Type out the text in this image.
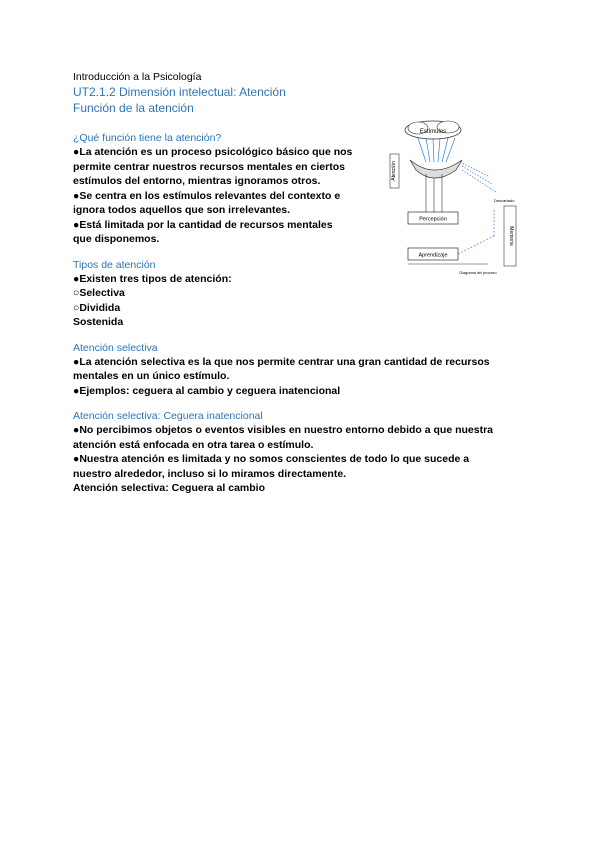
Introducción a la Psicología
UT2.1.2 Dimensión intelectual: Atención
Función de la atención
¿Qué función tiene la atención?
●La atención es un proceso psicológico básico que nos
permite centrar nuestros recursos mentales en ciertos
estímulos del entorno, mientras ignoramos otros.
●Se centra en los estímulos relevantes del contexto e
ignora todos aquellos que son irrelevantes.
●Está limitada por la cantidad de recursos mentales
que disponemos.
Tipos de atención
●Existen tres tipos de atención:
○Selectiva
○Dividida
Sostenida
Atención selectiva
●La atención selectiva es la que nos permite centrar una gran cantidad de recursos
mentales en un único estímulo.
●Ejemplos: ceguera al cambio y ceguera inatencional
Atención selectiva: Ceguera inatencional
●No percibimos objetos o eventos visibles en nuestro entorno debido a que nuestra
atención está enfocada en otra tarea o estímulo.
●Nuestra atención es limitada y no somos conscientes de todo lo que sucede a
nuestro alrededor, incluso si lo miramos directamente.
Atención selectiva: Ceguera al cambio
Estímulos
Atención
Descartado
Percepción
Memoria
Aprendizaje
Diagrama del proceso
